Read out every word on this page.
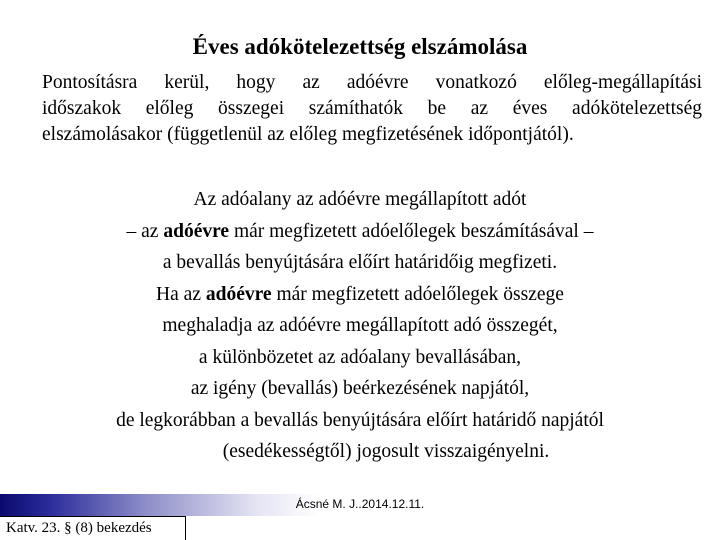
Éves adókötelezettség elszámolása
Pontosításra kerül, hogy az adóévre vonatkozó előleg-megállapítási
időszakok előleg összegei számíthatók be az éves adókötelezettség
elszámolásakor (függetlenül az előleg megfizetésének időpontjától).
Az adóalany az adóévre megállapított adót
– az adóévre már megfizetett adóelőlegek beszámításával –
a bevallás benyújtására előírt határidőig megfizeti.
Ha az adóévre már megfizetett adóelőlegek összege
meghaladja az adóévre megállapított adó összegét,
a különbözetet az adóalany bevallásában,
az igény (bevallás) beérkezésének napjától,
de legkorábban a bevallás benyújtására előírt határidő napjától
(esedékességtől) jogosult visszaigényelni.
Ácsné M. J..2014.12.11.
Katv. 23. § (8) bekezdés
